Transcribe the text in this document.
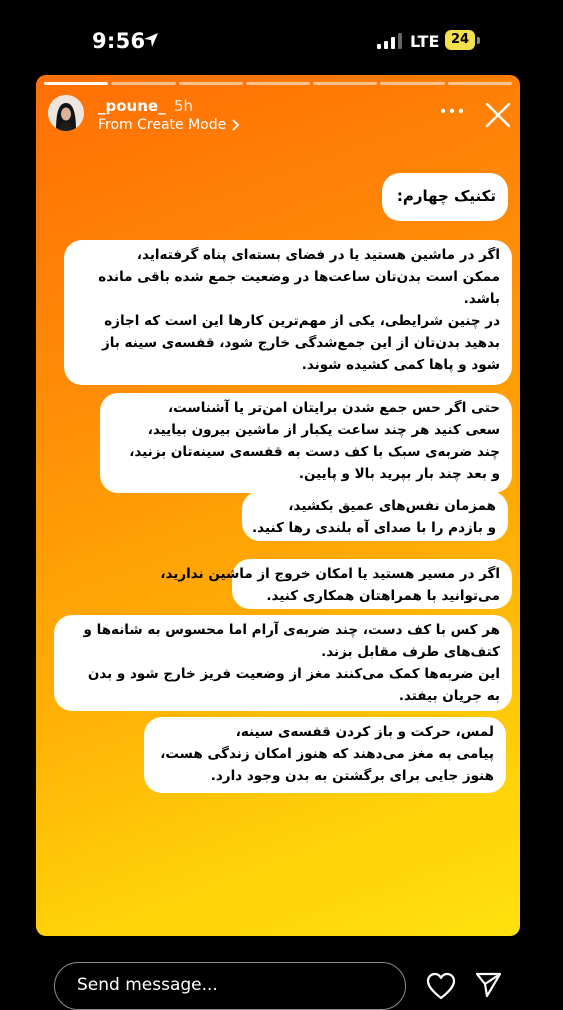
9:56	LTE 24
_poune_ 5h
From Create Mode

تکنیک چهارم:

اگر در ماشین هستید یا در فضای بسته‌ای پناه گرفته‌اید،

ممکن است بدن‌تان ساعت‌ها در وضعیت جمع شده باقی مانده

باشد.

در چنین شرایطی، یکی از مهم‌ترین کارها این است که اجازه

بدهید بدن‌تان از این جمع‌شدگی خارج شود، قفسه‌ی سینه باز

شود و پاها کمی کشیده شوند.

حتی اگر حس جمع شدن برایتان امن‌تر یا آشناست،

سعی کنید هر چند ساعت یکبار از ماشین بیرون بیایید،

چند ضربه‌ی سبک با کف دست به قفسه‌ی سینه‌تان بزنید،

و بعد چند بار بپرید بالا و پایین.

همزمان نفس‌های عمیق بکشید،

و بازدم را با صدای آه بلندی رها کنید.

اگر در مسیر هستید یا امکان خروج از ماشین ندارید،

می‌توانید با همراهتان همکاری کنید.

هر کس با کف دست، چند ضربه‌ی آرام اما محسوس به شانه‌ها و

کتف‌های طرف مقابل بزند.

این ضربه‌ها کمک می‌کنند مغز از وضعیت فریز خارج شود و بدن

به جریان بیفتد.

لمس، حرکت و باز کردن قفسه‌ی سینه،

پیامی به مغز می‌دهند که هنوز امکان زندگی هست،

هنوز جایی برای برگشتن به بدن وجود دارد.

Send message...
